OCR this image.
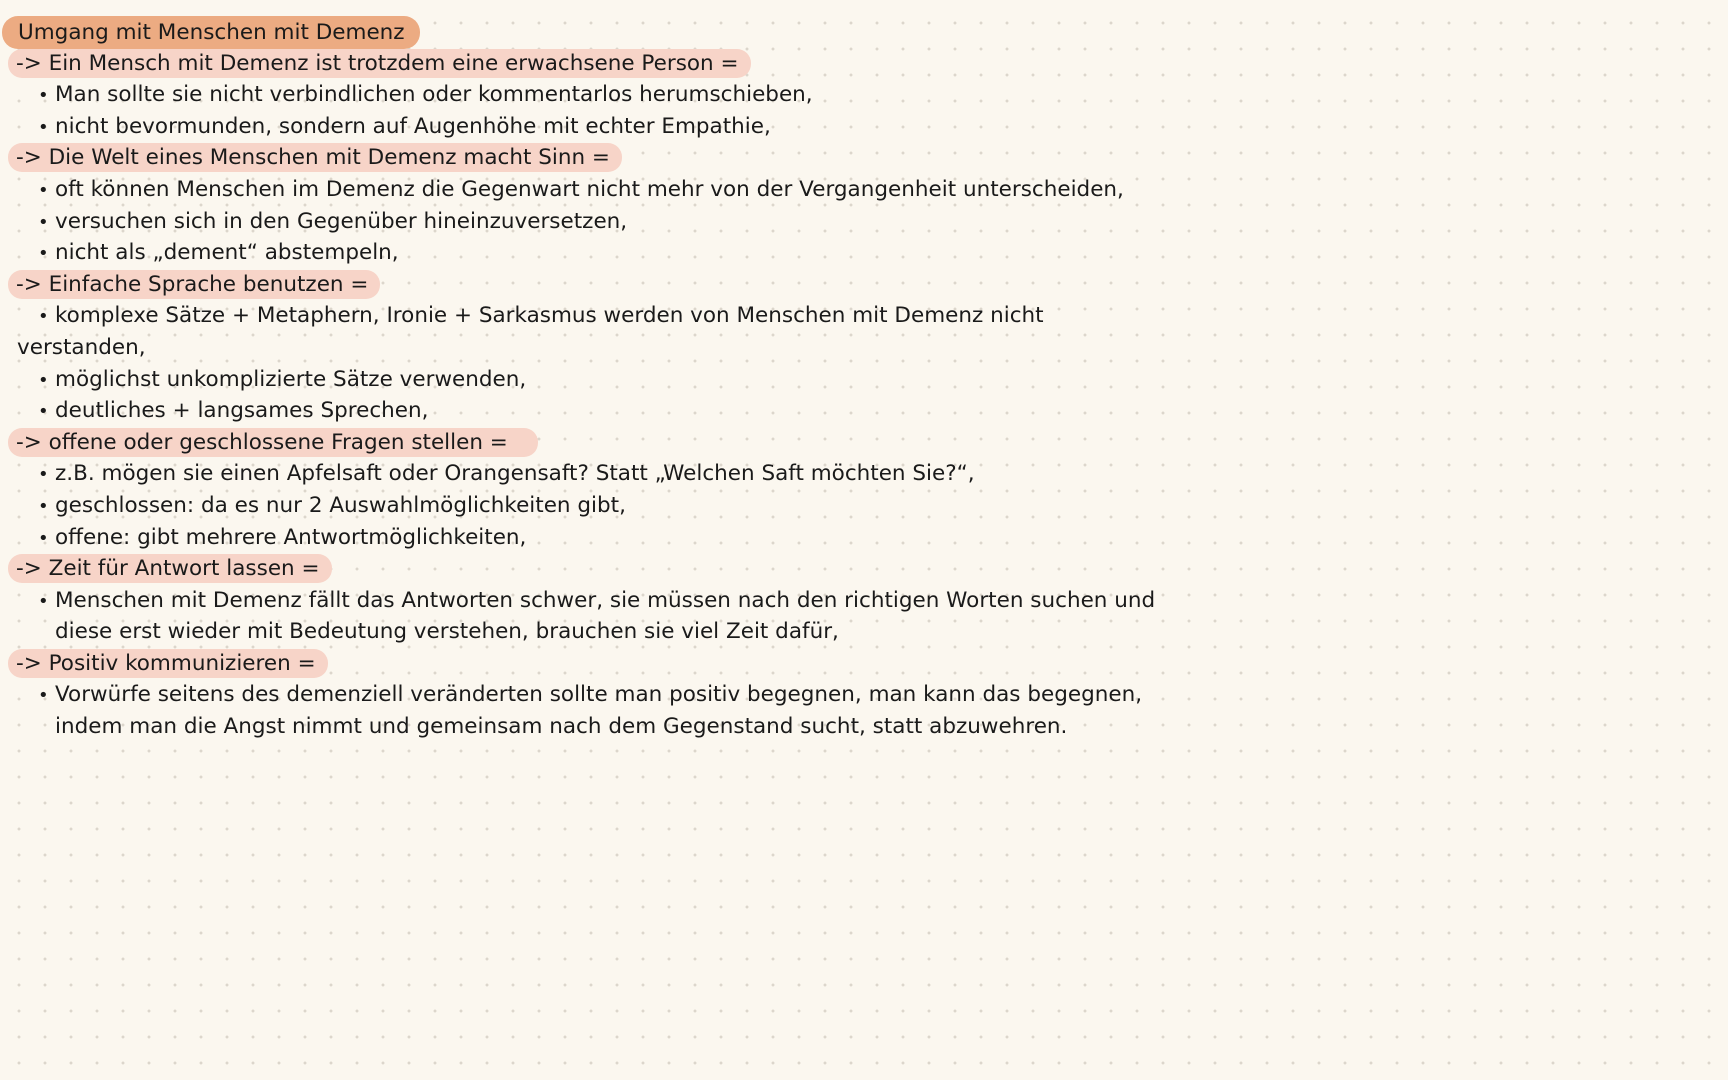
Umgang mit Menschen mit Demenz
-> Ein Mensch mit Demenz ist trotzdem eine erwachsene Person =
• Man sollte sie nicht verbindlichen oder kommentarlos herumschieben,
• nicht bevormunden, sondern auf Augenhöhe mit echter Empathie,
-> Die Welt eines Menschen mit Demenz macht Sinn =
• oft können Menschen im Demenz die Gegenwart nicht mehr von der Vergangenheit unterscheiden,
• versuchen sich in den Gegenüber hineinzuversetzen,
• nicht als „dement“ abstempeln,
-> Einfache Sprache benutzen =
• komplexe Sätze + Metaphern, Ironie + Sarkasmus werden von Menschen mit Demenz nicht
verstanden,
• möglichst unkomplizierte Sätze verwenden,
• deutliches + langsames Sprechen,
-> offene oder geschlossene Fragen stellen =
• z.B. mögen sie einen Apfelsaft oder Orangensaft? Statt „Welchen Saft möchten Sie?“,
• geschlossen: da es nur 2 Auswahlmöglichkeiten gibt,
• offene: gibt mehrere Antwortmöglichkeiten,
-> Zeit für Antwort lassen =
• Menschen mit Demenz fällt das Antworten schwer, sie müssen nach den richtigen Worten suchen und
diese erst wieder mit Bedeutung verstehen, brauchen sie viel Zeit dafür,
-> Positiv kommunizieren =
• Vorwürfe seitens des demenziell veränderten sollte man positiv begegnen, man kann das begegnen,
indem man die Angst nimmt und gemeinsam nach dem Gegenstand sucht, statt abzuwehren.
